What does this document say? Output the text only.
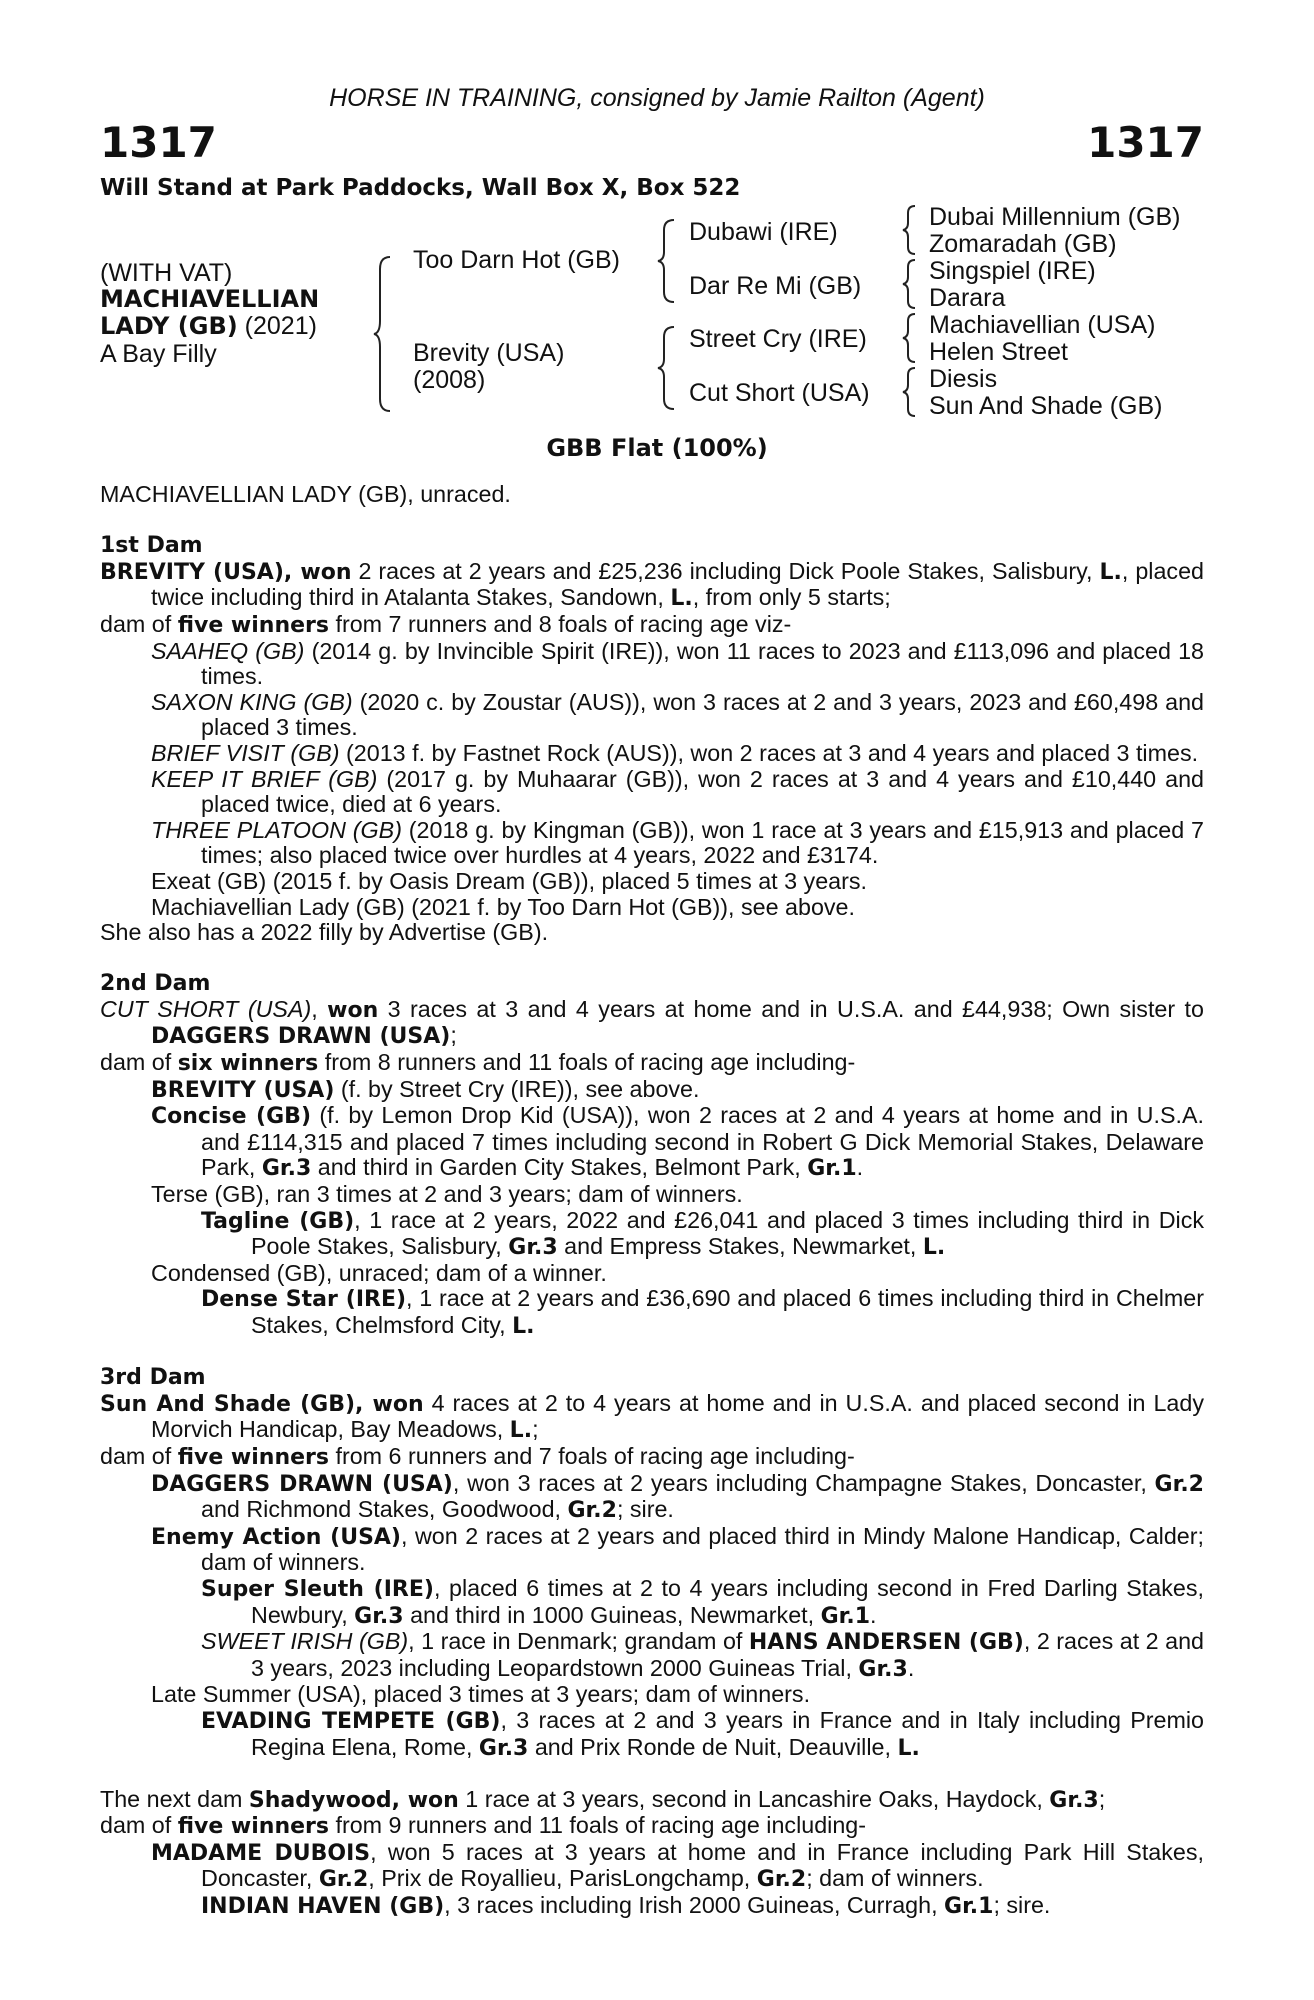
HORSE IN TRAINING, consigned by Jamie Railton (Agent)
1317	1317
Will Stand at Park Paddocks, Wall Box X, Box 522
(WITH VAT)
MACHIAVELLIAN
LADY (GB) (2021)
A Bay Filly
Too Darn Hot (GB)
Brevity (USA)
(2008)
Dubawi (IRE)
Dar Re Mi (GB)
Street Cry (IRE)
Cut Short (USA)
Dubai Millennium (GB)
Zomaradah (GB)
Singspiel (IRE)
Darara
Machiavellian (USA)
Helen Street
Diesis
Sun And Shade (GB)
GBB Flat (100%)

MACHIAVELLIAN LADY (GB), unraced.

1st Dam

BREVITY (USA), won 2 races at 2 years and £25,236 including Dick Poole Stakes, Salisbury, L., placed twice including third in Atalanta Stakes, Sandown, L., from only 5 starts;

dam of five winners from 7 runners and 8 foals of racing age viz-

SAAHEQ (GB) (2014 g. by Invincible Spirit (IRE)), won 11 races to 2023 and £113,096 and placed 18 times.

SAXON KING (GB) (2020 c. by Zoustar (AUS)), won 3 races at 2 and 3 years, 2023 and £60,498 and placed 3 times.

BRIEF VISIT (GB) (2013 f. by Fastnet Rock (AUS)), won 2 races at 3 and 4 years and placed 3 times.

KEEP IT BRIEF (GB) (2017 g. by Muhaarar (GB)), won 2 races at 3 and 4 years and £10,440 and placed twice, died at 6 years.

THREE PLATOON (GB) (2018 g. by Kingman (GB)), won 1 race at 3 years and £15,913 and placed 7 times; also placed twice over hurdles at 4 years, 2022 and £3174.

Exeat (GB) (2015 f. by Oasis Dream (GB)), placed 5 times at 3 years.

Machiavellian Lady (GB) (2021 f. by Too Darn Hot (GB)), see above.

She also has a 2022 filly by Advertise (GB).

2nd Dam

CUT SHORT (USA), won 3 races at 3 and 4 years at home and in U.S.A. and £44,938; Own sister to DAGGERS DRAWN (USA);

dam of six winners from 8 runners and 11 foals of racing age including-

BREVITY (USA) (f. by Street Cry (IRE)), see above.

Concise (GB) (f. by Lemon Drop Kid (USA)), won 2 races at 2 and 4 years at home and in U.S.A. and £114,315 and placed 7 times including second in Robert G Dick Memorial Stakes, Delaware Park, Gr.3 and third in Garden City Stakes, Belmont Park, Gr.1.

Terse (GB), ran 3 times at 2 and 3 years; dam of winners.

Tagline (GB), 1 race at 2 years, 2022 and £26,041 and placed 3 times including third in Dick Poole Stakes, Salisbury, Gr.3 and Empress Stakes, Newmarket, L.

Condensed (GB), unraced; dam of a winner.

Dense Star (IRE), 1 race at 2 years and £36,690 and placed 6 times including third in Chelmer Stakes, Chelmsford City, L.

3rd Dam

Sun And Shade (GB), won 4 races at 2 to 4 years at home and in U.S.A. and placed second in Lady Morvich Handicap, Bay Meadows, L.;

dam of five winners from 6 runners and 7 foals of racing age including-

DAGGERS DRAWN (USA), won 3 races at 2 years including Champagne Stakes, Doncaster, Gr.2 and Richmond Stakes, Goodwood, Gr.2; sire.

Enemy Action (USA), won 2 races at 2 years and placed third in Mindy Malone Handicap, Calder; dam of winners.

Super Sleuth (IRE), placed 6 times at 2 to 4 years including second in Fred Darling Stakes, Newbury, Gr.3 and third in 1000 Guineas, Newmarket, Gr.1.

SWEET IRISH (GB), 1 race in Denmark; grandam of HANS ANDERSEN (GB), 2 races at 2 and 3 years, 2023 including Leopardstown 2000 Guineas Trial, Gr.3.

Late Summer (USA), placed 3 times at 3 years; dam of winners.

EVADING TEMPETE (GB), 3 races at 2 and 3 years in France and in Italy including Premio Regina Elena, Rome, Gr.3 and Prix Ronde de Nuit, Deauville, L.

The next dam Shadywood, won 1 race at 3 years, second in Lancashire Oaks, Haydock, Gr.3;

dam of five winners from 9 runners and 11 foals of racing age including-

MADAME DUBOIS, won 5 races at 3 years at home and in France including Park Hill Stakes, Doncaster, Gr.2, Prix de Royallieu, ParisLongchamp, Gr.2; dam of winners.

INDIAN HAVEN (GB), 3 races including Irish 2000 Guineas, Curragh, Gr.1; sire.
